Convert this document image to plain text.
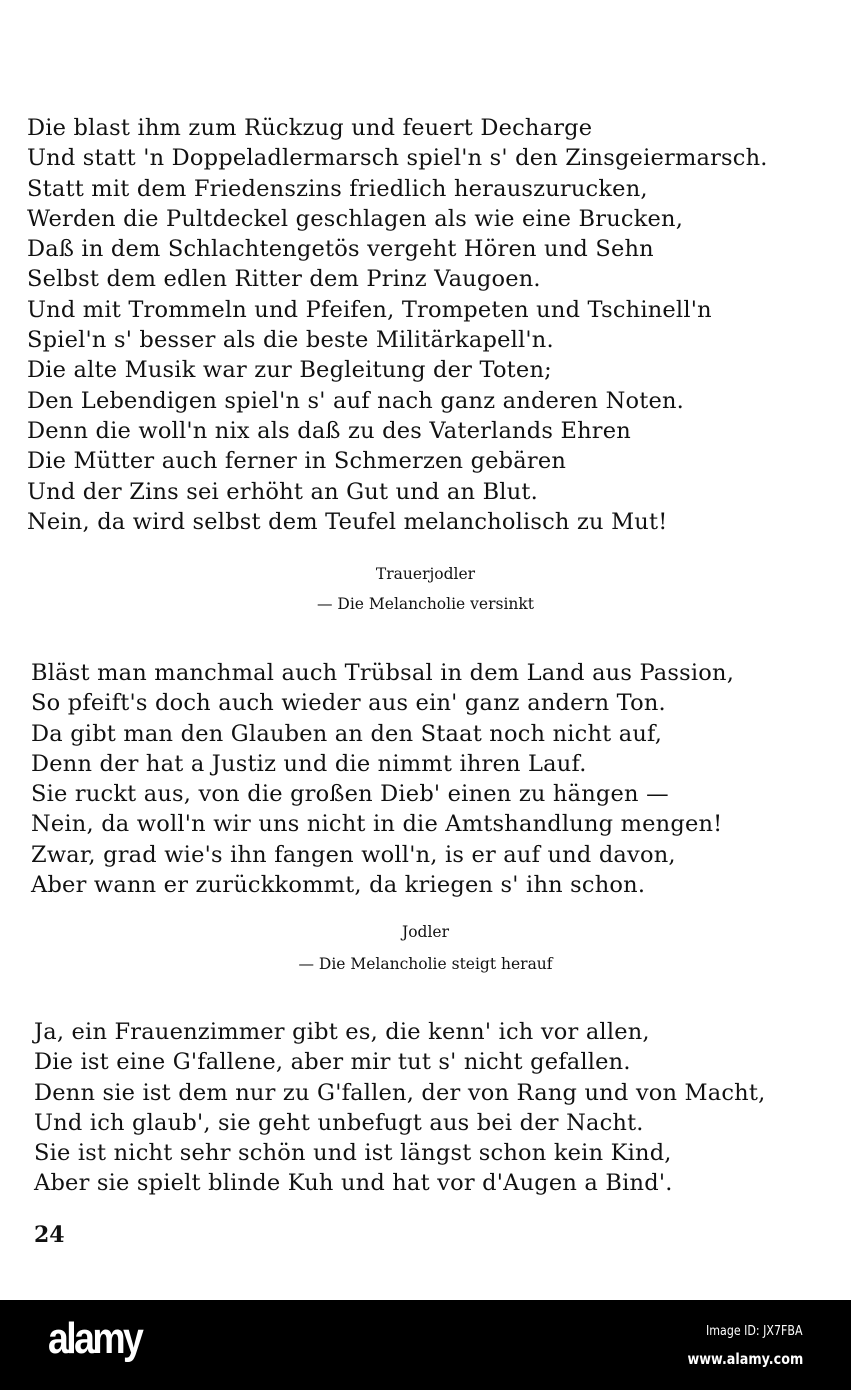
Die blast ihm zum Rückzug und feuert Decharge
Und statt 'n Doppeladlermarsch spiel'n s' den Zinsgeiermarsch.
Statt mit dem Friedenszins friedlich herauszurucken,
Werden die Pultdeckel geschlagen als wie eine Brucken,
Daß in dem Schlachtengetös vergeht Hören und Sehn
Selbst dem edlen Ritter dem Prinz Vaugoen.
Und mit Trommeln und Pfeifen, Trompeten und Tschinell'n
Spiel'n s' besser als die beste Militärkapell'n.
Die alte Musik war zur Begleitung der Toten;
Den Lebendigen spiel'n s' auf nach ganz anderen Noten.
Denn die woll'n nix als daß zu des Vaterlands Ehren
Die Mütter auch ferner in Schmerzen gebären
Und der Zins sei erhöht an Gut und an Blut.
Nein, da wird selbst dem Teufel melancholisch zu Mut!
Trauerjodler
— Die Melancholie versinkt
Bläst man manchmal auch Trübsal in dem Land aus Passion,
So pfeift's doch auch wieder aus ein' ganz andern Ton.
Da gibt man den Glauben an den Staat noch nicht auf,
Denn der hat a Justiz und die nimmt ihren Lauf.
Sie ruckt aus, von die großen Dieb' einen zu hängen —
Nein, da woll'n wir uns nicht in die Amtshandlung mengen!
Zwar, grad wie's ihn fangen woll'n, is er auf und davon,
Aber wann er zurückkommt, da kriegen s' ihn schon.
Jodler
— Die Melancholie steigt herauf
Ja, ein Frauenzimmer gibt es, die kenn' ich vor allen,
Die ist eine G'fallene, aber mir tut s' nicht gefallen.
Denn sie ist dem nur zu G'fallen, der von Rang und von Macht,
Und ich glaub', sie geht unbefugt aus bei der Nacht.
Sie ist nicht sehr schön und ist längst schon kein Kind,
Aber sie spielt blinde Kuh und hat vor d'Augen a Bind'.
24
alamy	Image ID: JX7FBA
www.alamy.com
